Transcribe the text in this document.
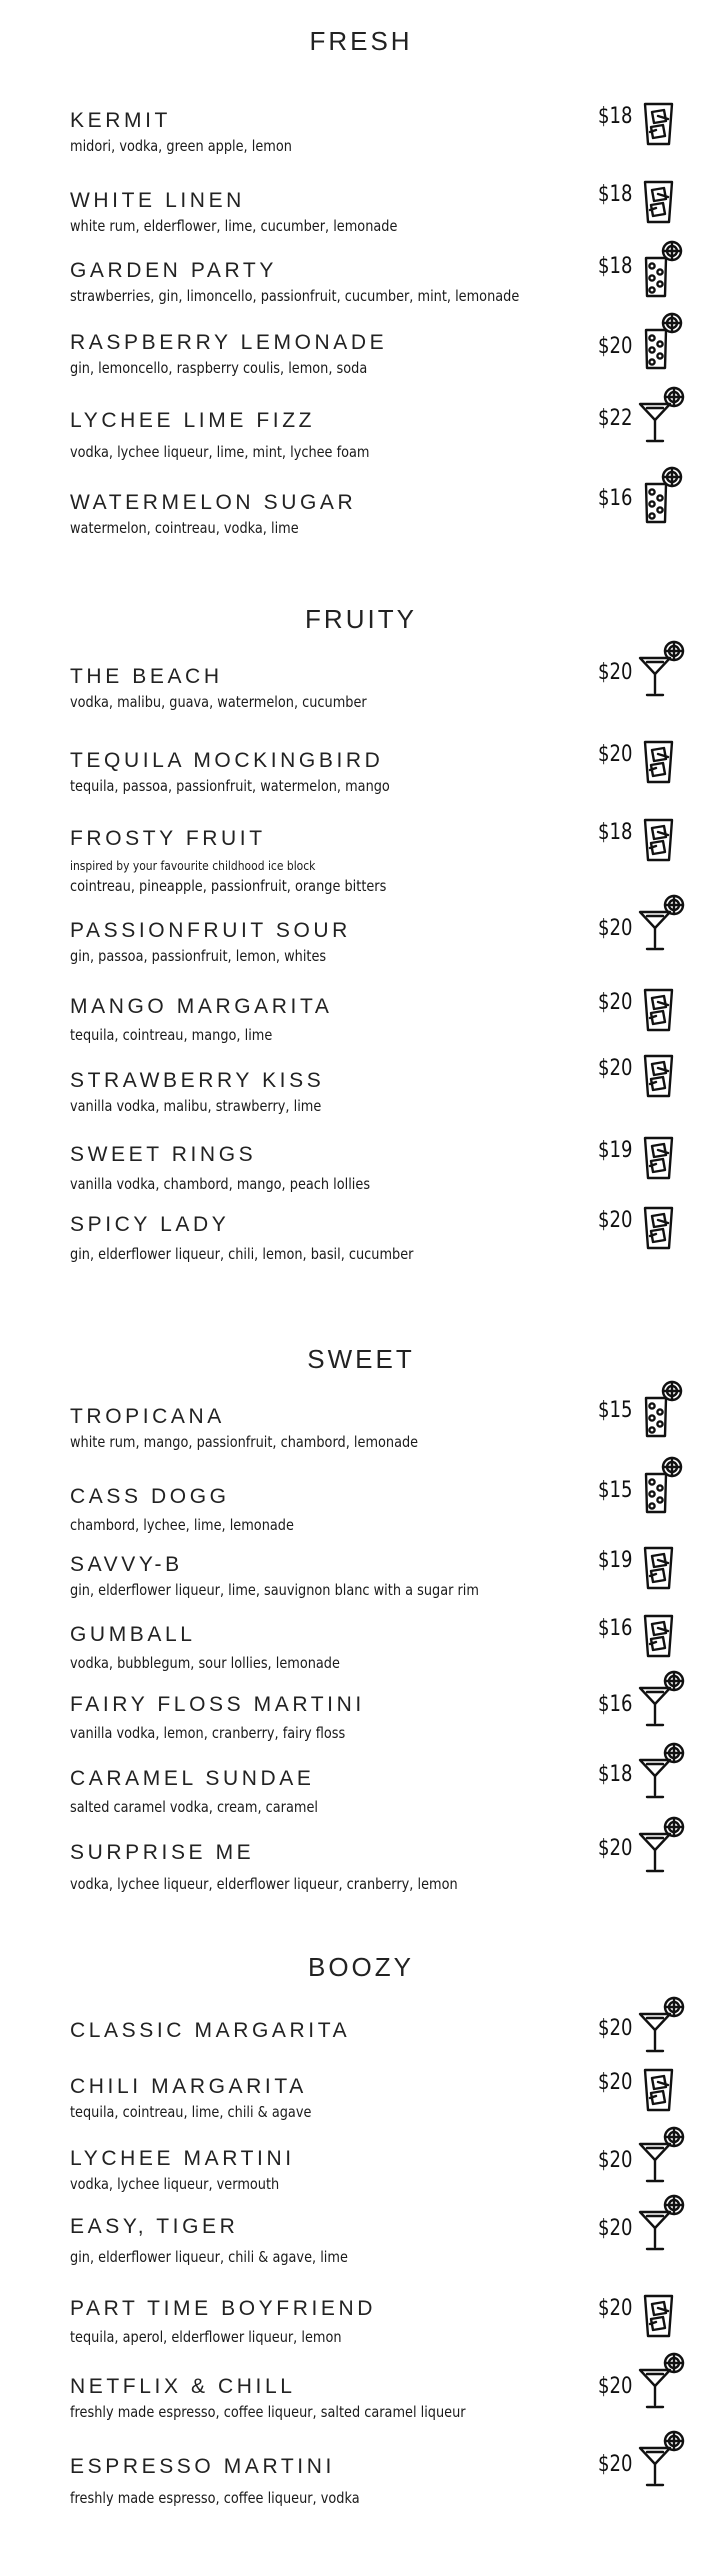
FRESH
FRUITY
SWEET
BOOZY
KERMIT
midori, vodka, green apple, lemon
$18
WHITE LINEN
white rum, elderflower, lime, cucumber, lemonade
$18
GARDEN PARTY
strawberries, gin, limoncello, passionfruit, cucumber, mint, lemonade
$18
RASPBERRY LEMONADE
gin, lemoncello, raspberry coulis, lemon, soda
$20
LYCHEE LIME FIZZ
vodka, lychee liqueur, lime, mint, lychee foam
$22
WATERMELON SUGAR
watermelon, cointreau, vodka, lime
$16
THE BEACH
vodka, malibu, guava, watermelon, cucumber
$20
TEQUILA MOCKINGBIRD
tequila, passoa, passionfruit, watermelon, mango
$20
FROSTY FRUIT
inspired by your favourite childhood ice block
cointreau, pineapple, passionfruit, orange bitters
$18
PASSIONFRUIT SOUR
gin, passoa, passionfruit, lemon, whites
$20
MANGO MARGARITA
tequila, cointreau, mango, lime
$20
STRAWBERRY KISS
vanilla vodka, malibu, strawberry, lime
$20
SWEET RINGS
vanilla vodka, chambord, mango, peach lollies
$19
SPICY LADY
gin, elderflower liqueur, chili, lemon, basil, cucumber
$20
TROPICANA
white rum, mango, passionfruit, chambord, lemonade
$15
CASS DOGG
chambord, lychee, lime, lemonade
$15
SAVVY-B
gin, elderflower liqueur, lime, sauvignon blanc with a sugar rim
$19
GUMBALL
vodka, bubblegum, sour lollies, lemonade
$16
FAIRY FLOSS MARTINI
vanilla vodka, lemon, cranberry, fairy floss
$16
CARAMEL SUNDAE
salted caramel vodka, cream, caramel
$18
SURPRISE ME
vodka, lychee liqueur, elderflower liqueur, cranberry, lemon
$20
CLASSIC MARGARITA	$20
CHILI MARGARITA
tequila, cointreau, lime, chili & agave
$20
LYCHEE MARTINI
vodka, lychee liqueur, vermouth
$20
EASY, TIGER
gin, elderflower liqueur, chili & agave, lime
$20
PART TIME BOYFRIEND
tequila, aperol, elderflower liqueur, lemon
$20
NETFLIX & CHILL
freshly made espresso, coffee liqueur, salted caramel liqueur
$20
ESPRESSO MARTINI
freshly made espresso, coffee liqueur, vodka
$20
